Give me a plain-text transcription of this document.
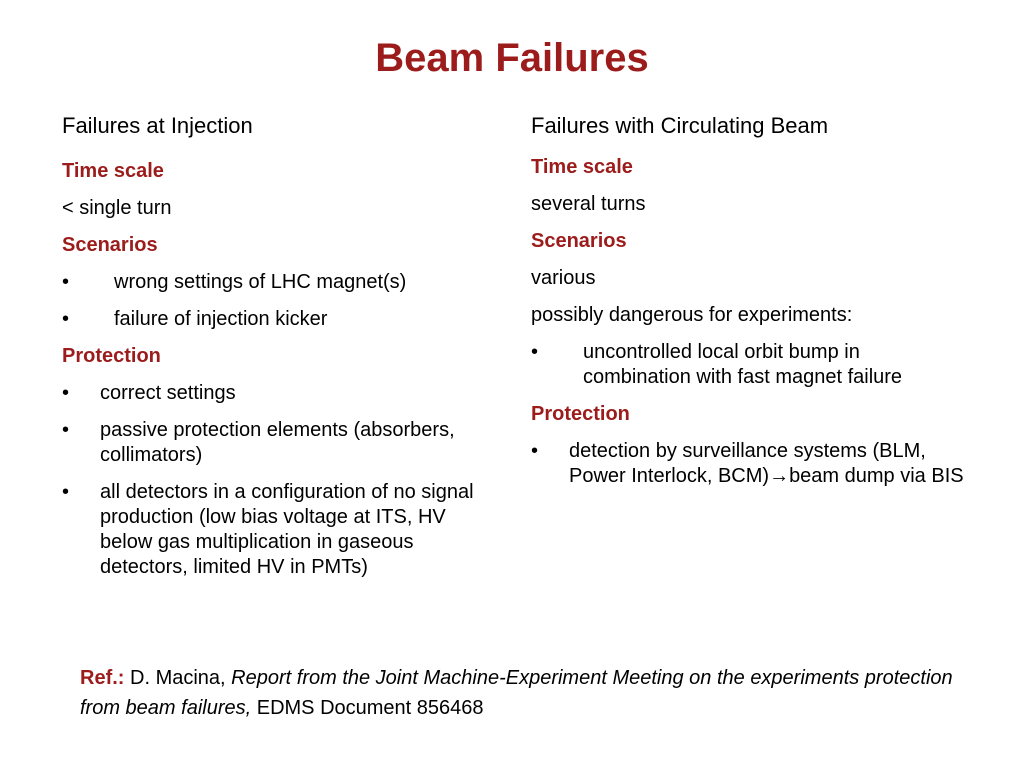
Beam Failures
Failures at Injection
Time scale
< single turn
Scenarios
•	wrong settings of LHC magnet(s)
•	failure of injection kicker
Protection
•	correct settings
•	passive protection elements (absorbers, collimators)
•	all detectors in a configuration of no signal production (low bias voltage at ITS, HV below gas multiplication in gaseous detectors, limited HV in PMTs)
Failures with Circulating Beam
Time scale
several turns
Scenarios
various
possibly dangerous for experiments:
•	uncontrolled local orbit bump in combination with fast magnet failure
Protection
•	detection by surveillance systems (BLM, Power Interlock, BCM)→beam dump via BIS
Ref.: D. Macina, Report from the Joint Machine-Experiment Meeting on the experiments protection from beam failures, EDMS Document 856468
